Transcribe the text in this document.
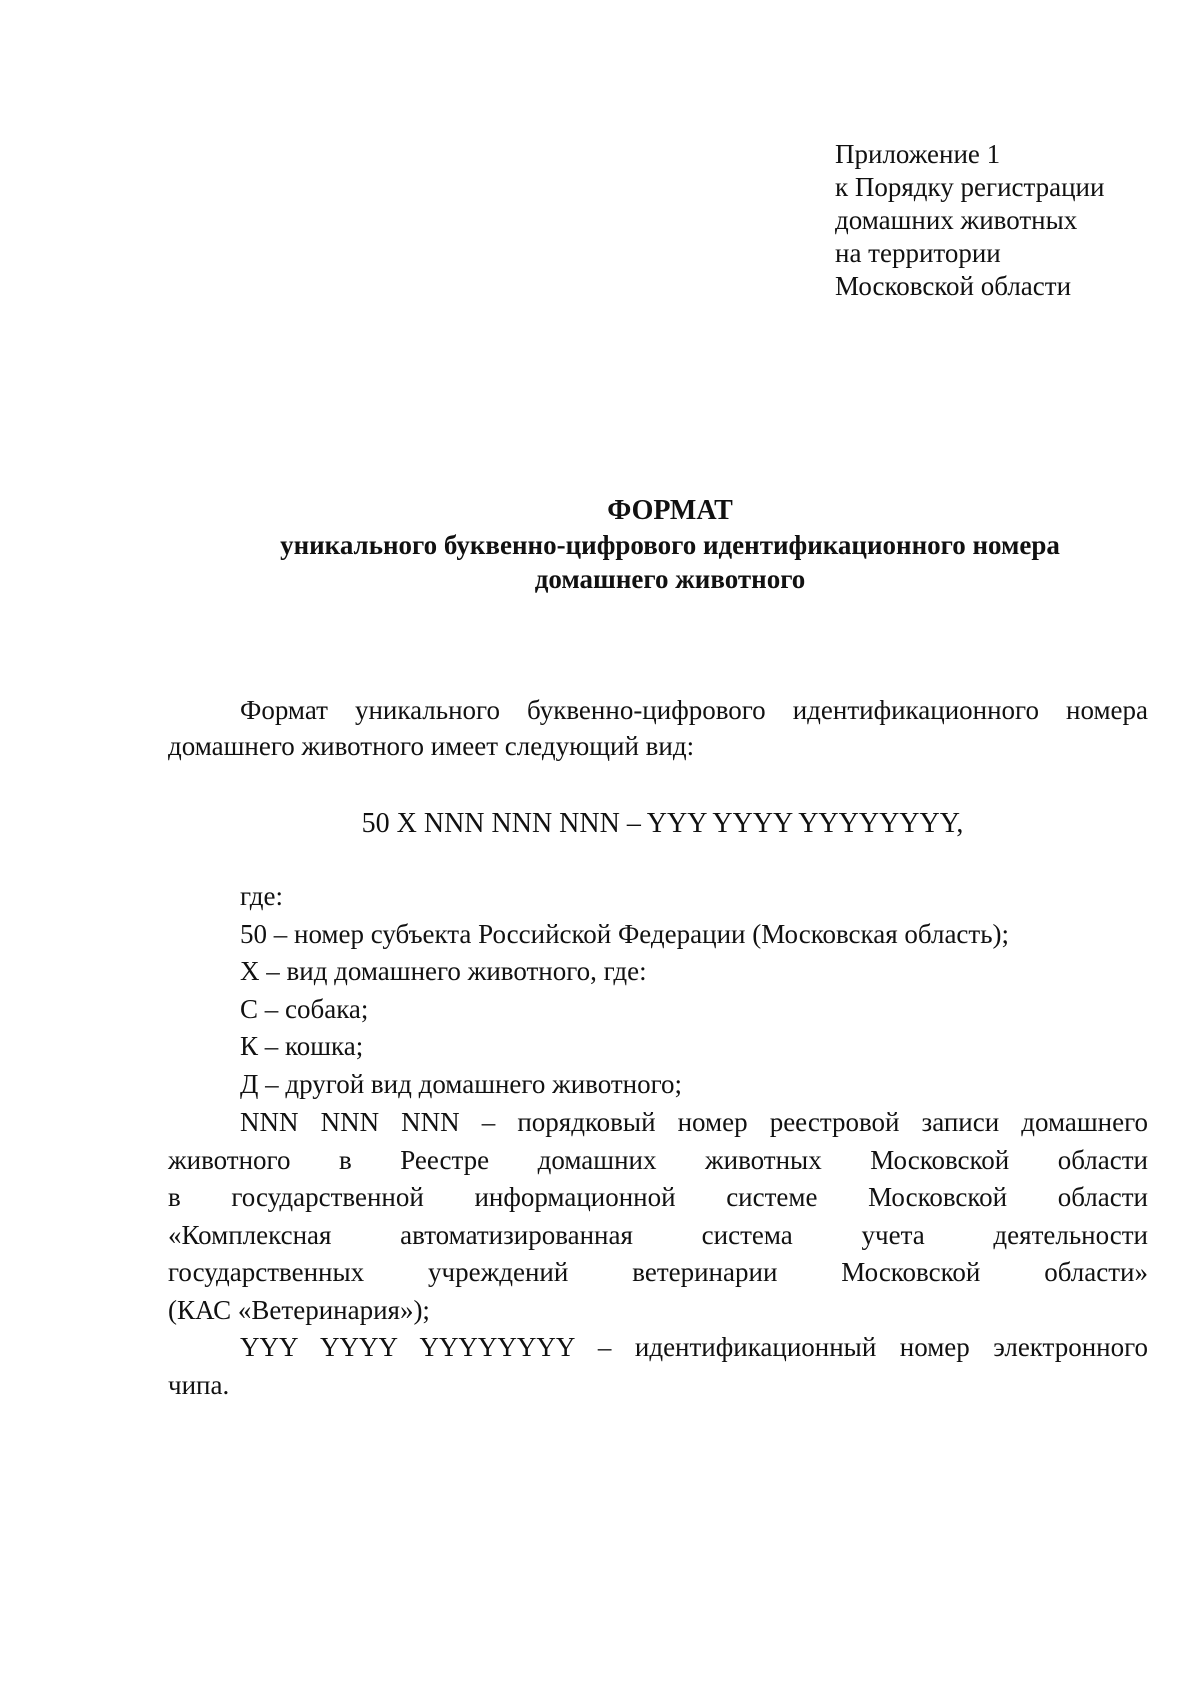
Приложение 1
к Порядку регистрации
домашних животных
на территории
Московской области
ФОРМАТ
уникального буквенно-цифрового идентификационного номера
домашнего животного
Формат уникального буквенно-цифрового идентификационного номера
домашнего животного имеет следующий вид:
50 X NNN NNN NNN – YYY YYYY YYYYYYYY,
где:
50 – номер субъекта Российской Федерации (Московская область);
Х – вид домашнего животного, где:
С – собака;
К – кошка;
Д – другой вид домашнего животного;
NNN NNN NNN – порядковый номер реестровой записи домашнего
животного в Реестре домашних животных Московской области
в государственной информационной системе Московской области
«Комплексная автоматизированная система учета деятельности
государственных учреждений ветеринарии Московской области»
(КАС «Ветеринария»);
YYY YYYY YYYYYYYY – идентификационный номер электронного
чипа.
